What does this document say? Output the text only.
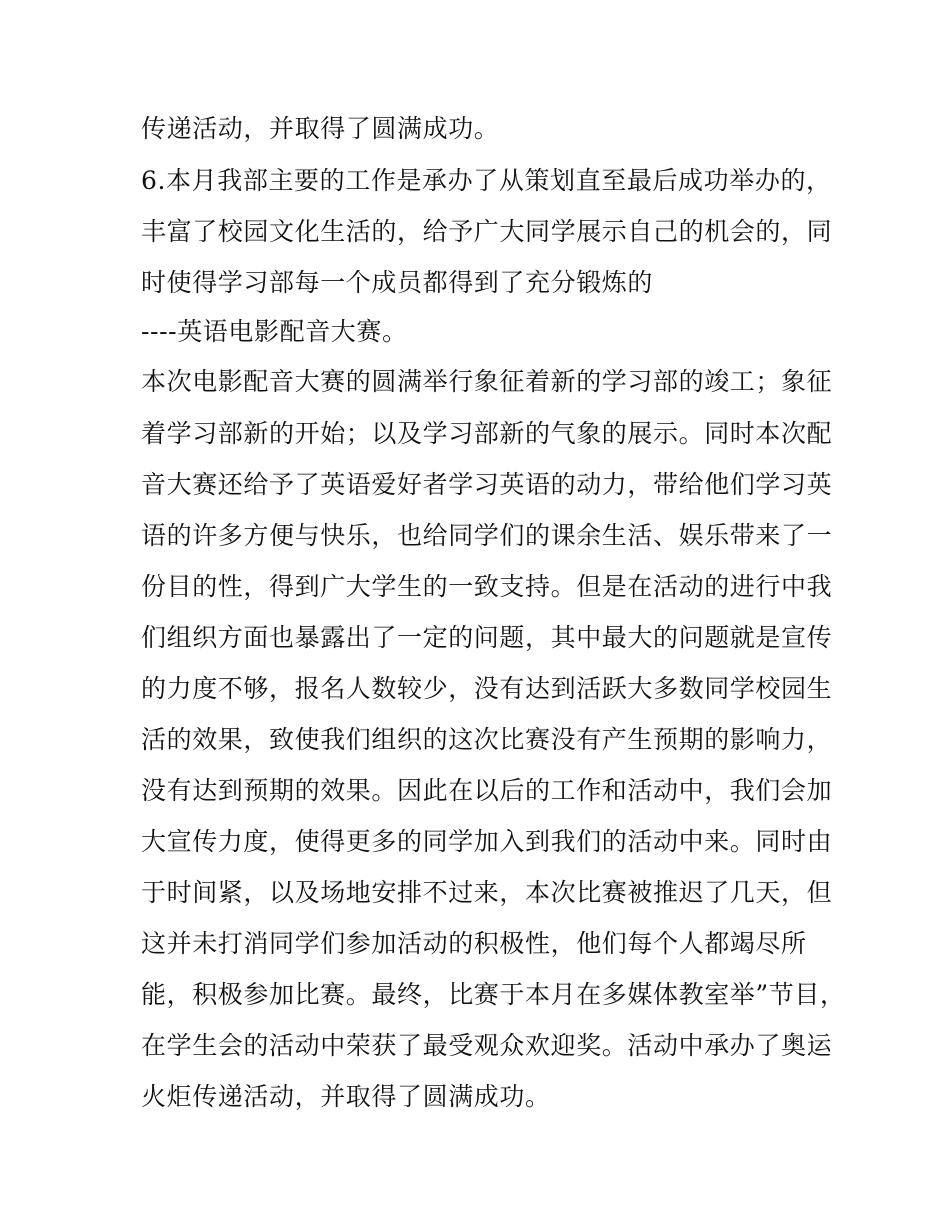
传递活动，并取得了圆满成功。
6.本月我部主要的工作是承办了从策划直至最后成功举办的，
丰富了校园文化生活的，给予广大同学展示自己的机会的，同
时使得学习部每一个成员都得到了充分锻炼的
----英语电影配音大赛。
本次电影配音大赛的圆满举行象征着新的学习部的竣工；象征
着学习部新的开始；以及学习部新的气象的展示。同时本次配
音大赛还给予了英语爱好者学习英语的动力，带给他们学习英
语的许多方便与快乐，也给同学们的课余生活、娱乐带来了一
份目的性，得到广大学生的一致支持。但是在活动的进行中我
们组织方面也暴露出了一定的问题，其中最大的问题就是宣传
的力度不够，报名人数较少，没有达到活跃大多数同学校园生
活的效果，致使我们组织的这次比赛没有产生预期的影响力，
没有达到预期的效果。因此在以后的工作和活动中，我们会加
大宣传力度，使得更多的同学加入到我们的活动中来。同时由
于时间紧，以及场地安排不过来，本次比赛被推迟了几天，但
这并未打消同学们参加活动的积极性，他们每个人都竭尽所
能，积极参加比赛。最终，比赛于本月在多媒体教室举”节目，
在学生会的活动中荣获了最受观众欢迎奖。活动中承办了奥运
火炬传递活动，并取得了圆满成功。
